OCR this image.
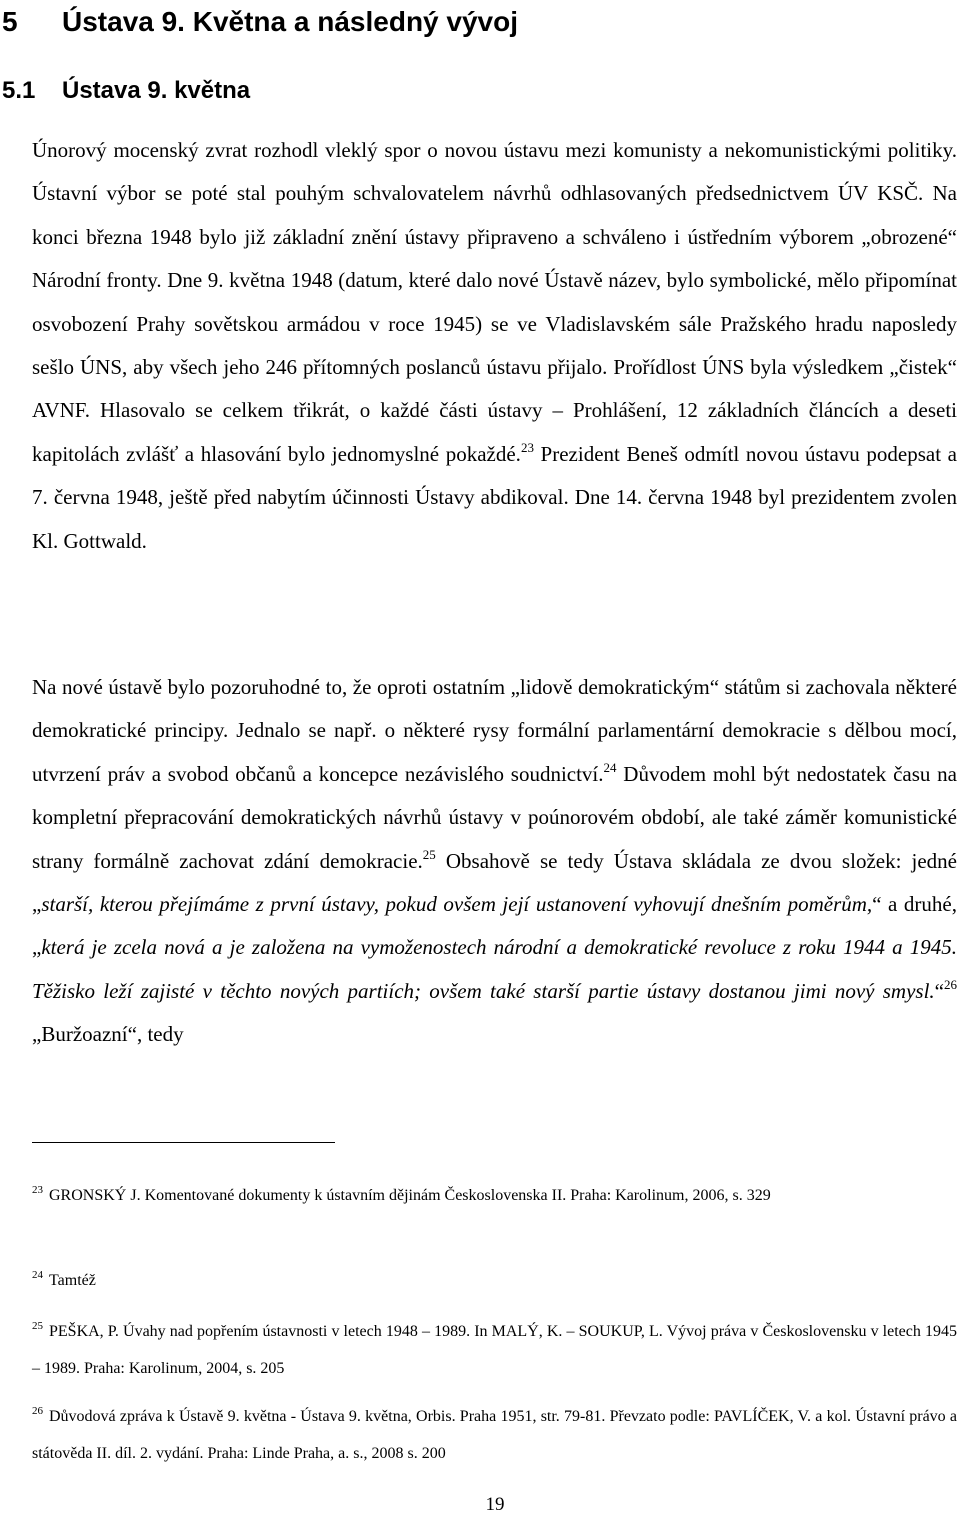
5 Ústava 9. Května a následný vývoj
5.1 Ústava 9. května

Únorový mocenský zvrat rozhodl vleklý spor o novou ústavu mezi komunisty a nekomunistickými politiky. Ústavní výbor se poté stal pouhým schvalovatelem návrhů odhlasovaných předsednictvem ÚV KSČ. Na konci března 1948 bylo již základní znění ústavy připraveno a schváleno i ústředním výborem „obrozené“ Národní fronty. Dne 9. května 1948 (datum, které dalo nové Ústavě název, bylo symbolické, mělo připomínat osvobození Prahy sovětskou armádou v roce 1945) se ve Vladislavském sále Pražského hradu naposledy sešlo ÚNS, aby všech jeho 246 přítomných poslanců ústavu přijalo. Prořídlost ÚNS byla výsledkem „čistek“ AVNF. Hlasovalo se celkem třikrát, o každé části ústavy – Prohlášení, 12 základních článcích a deseti kapitolách zvlášť a hlasování bylo jednomyslné pokaždé.$^{23}$ Prezident Beneš odmítl novou ústavu podepsat a 7. června 1948, ještě před nabytím účinnosti Ústavy abdikoval. Dne 14. června 1948 byl prezidentem zvolen Kl. Gottwald.

Na nové ústavě bylo pozoruhodné to, že oproti ostatním „lidově demokratickým“ státům si zachovala některé demokratické principy. Jednalo se např. o některé rysy formální parlamentární demokracie s dělbou mocí, utvrzení práv a svobod občanů a koncepce nezávislého soudnictví.$^{24}$ Důvodem mohl být nedostatek času na kompletní přepracování demokratických návrhů ústavy v poúnorovém období, ale také záměr komunistické strany formálně zachovat zdání demokracie.$^{25}$ Obsahově se tedy Ústava skládala ze dvou složek: jedné „starší, kterou přejímáme z první ústavy, pokud ovšem její ustanovení vyhovují dnešním poměrům,“ a druhé, „která je zcela nová a je založena na vymoženostech národní a demokratické revoluce z roku 1944 a 1945. Těžisko leží zajisté v těchto nových partiích; ovšem také starší partie ústavy dostanou jimi nový smysl.“$^{26}$ „Buržoazní“, tedy

$^{23}$ GRONSKÝ J. Komentované dokumenty k ústavním dějinám Československa II. Praha: Karolinum, 2006, s. 329

$^{24}$ Tamtéž

$^{25}$ PEŠKA, P. Úvahy nad popřením ústavnosti v letech 1948 – 1989. In MALÝ, K. – SOUKUP, L. Vývoj práva v Československu v letech 1945 – 1989. Praha: Karolinum, 2004, s. 205

$^{26}$ Důvodová zpráva k Ústavě 9. května - Ústava 9. května, Orbis. Praha 1951, str. 79-81. Převzato podle: PAVLÍČEK, V. a kol. Ústavní právo a státověda II. díl. 2. vydání. Praha: Linde Praha, a. s., 2008 s. 200

19
